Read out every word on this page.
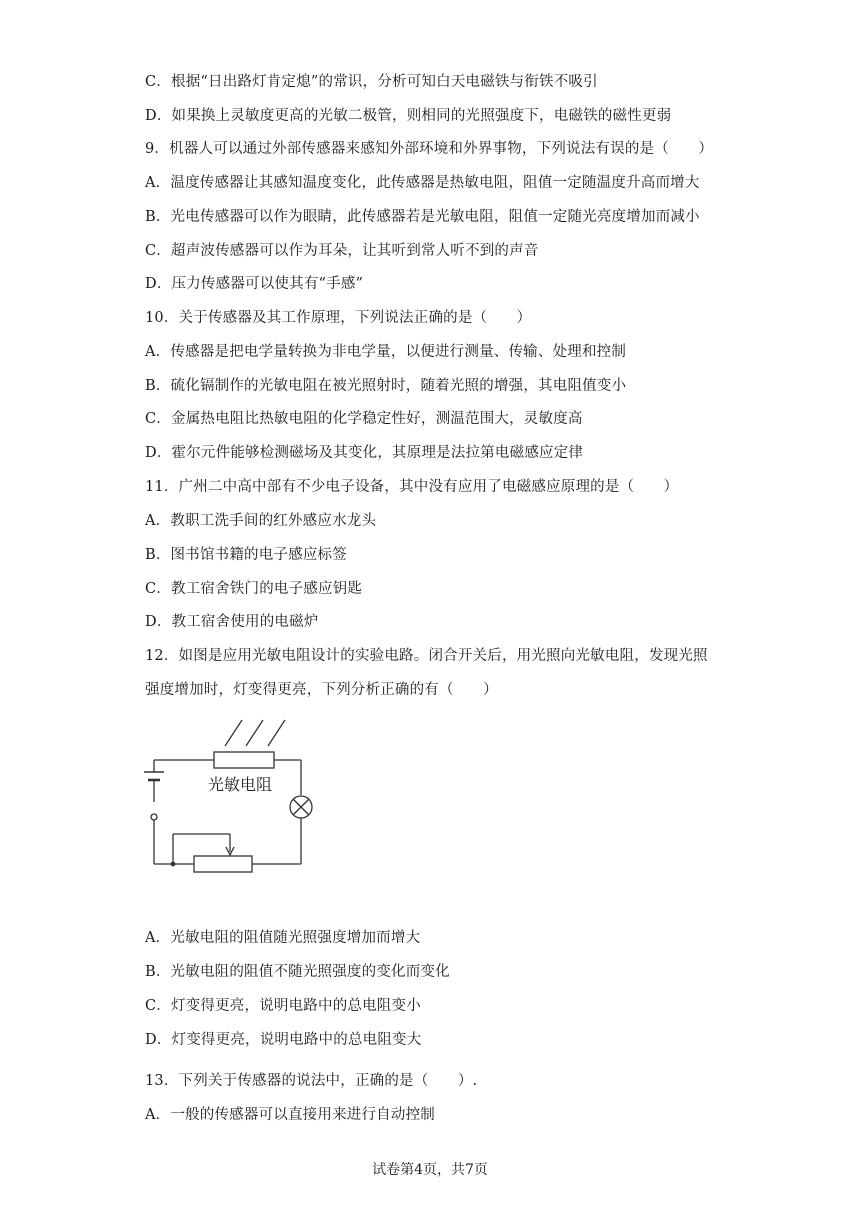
C．根据“日出路灯肯定熄”的常识，分析可知白天电磁铁与衔铁不吸引
D．如果换上灵敏度更高的光敏二极管，则相同的光照强度下，电磁铁的磁性更弱
9．机器人可以通过外部传感器来感知外部环境和外界事物，下列说法有误的是（　　）
A．温度传感器让其感知温度变化，此传感器是热敏电阻，阻值一定随温度升高而增大
B．光电传感器可以作为眼睛，此传感器若是光敏电阻，阻值一定随光亮度增加而减小
C．超声波传感器可以作为耳朵，让其听到常人听不到的声音
D．压力传感器可以使其有“手感”
10．关于传感器及其工作原理，下列说法正确的是（　　）
A．传感器是把电学量转换为非电学量，以便进行测量、传输、处理和控制
B．硫化镉制作的光敏电阻在被光照射时，随着光照的增强，其电阻值变小
C．金属热电阻比热敏电阻的化学稳定性好，测温范围大，灵敏度高
D．霍尔元件能够检测磁场及其变化，其原理是法拉第电磁感应定律
11．广州二中高中部有不少电子设备，其中没有应用了电磁感应原理的是（　　）
A．教职工洗手间的红外感应水龙头
B．图书馆书籍的电子感应标签
C．教工宿舍铁门的电子感应钥匙
D．教工宿舍使用的电磁炉
12．如图是应用光敏电阻设计的实验电路。闭合开关后，用光照向光敏电阻，发现光照
强度增加时，灯变得更亮，下列分析正确的有（　　）
光敏电阻
A．光敏电阻的阻值随光照强度增加而增大
B．光敏电阻的阻值不随光照强度的变化而变化
C．灯变得更亮，说明电路中的总电阻变小
D．灯变得更亮，说明电路中的总电阻变大
13．下列关于传感器的说法中，正确的是（　　）.
A．一般的传感器可以直接用来进行自动控制
试卷第4页，共7页
